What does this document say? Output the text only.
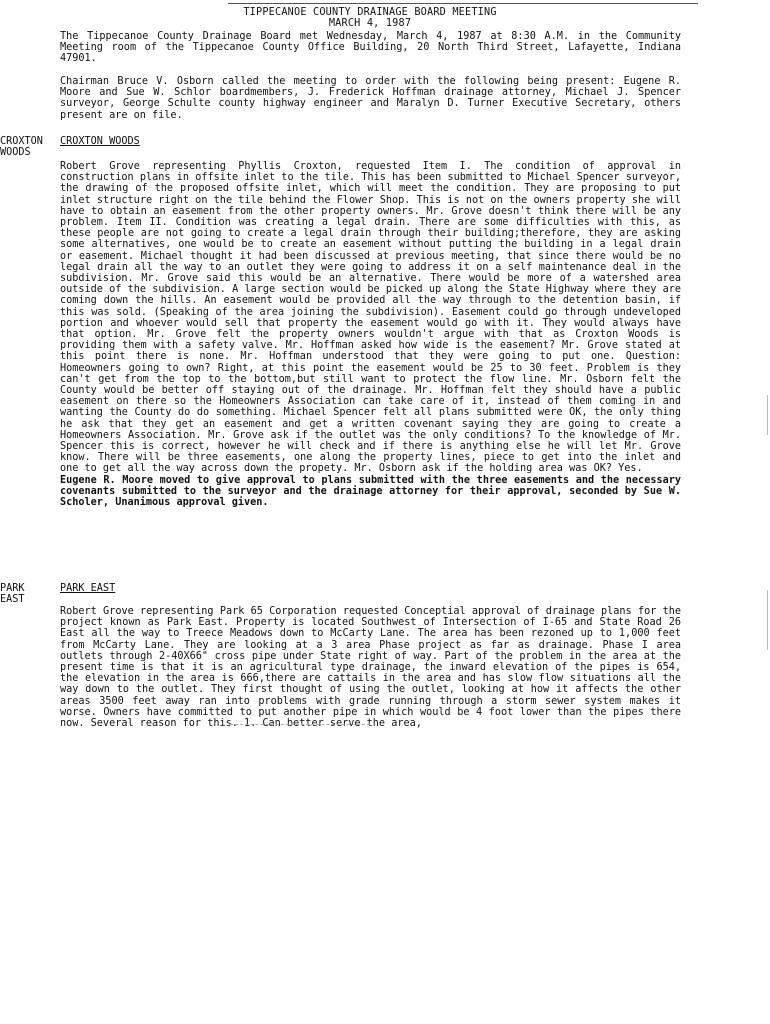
TIPPECANOE COUNTY DRAINAGE BOARD MEETING
MARCH 4, 1987

The Tippecanoe County Drainage Board met Wednesday, March 4, 1987 at 8:30 A.M. in the Community Meeting room of the Tippecanoe County Office Building, 20 North Third Street, Lafayette, Indiana 47901.

Chairman Bruce V. Osborn called the meeting to order with the following being present: Eugene R. Moore and Sue W. Schlor boardmembers, J. Frederick Hoffman drainage attorney, Michael J. Spencer surveyor, George Schulte county highway engineer and Maralyn D. Turner Executive Secretary, others present are on file.

CROXTON
WOODS
CROXTON WOODS

Robert Grove representing Phyllis Croxton, requested Item I. The condition of approval in construction plans in offsite inlet to the tile. This has been submitted to Michael Spencer surveyor, the drawing of the proposed offsite inlet, which will meet the condition. They are proposing to put inlet structure right on the tile behind the Flower Shop. This is not on the owners property she will have to obtain an easement from the other property owners. Mr. Grove doesn't think there will be any problem. Item II. Condition was creating a legal drain. There are some difficulties with this, as these people are not going to create a legal drain through their building;therefore, they are asking some alternatives, one would be to create an easement without putting the building in a legal drain or easement. Michael thought it had been discussed at previous meeting, that since there would be no legal drain all the way to an outlet they were going to address it on a self maintenance deal in the subdivision. Mr. Grove said this would be an alternative. There would be more of a watershed area outside of the subdivision. A large section would be picked up along the State Highway where they are coming down the hills. An easement would be provided all the way through to the detention basin, if this was sold. (Speaking of the area joining the subdivision). Easement could go through undeveloped portion and whoever would sell that property the easement would go with it. They would always have that option. Mr. Grove felt the property owners wouldn't argue with that as Croxton Woods is providing them with a safety valve. Mr. Hoffman asked how wide is the easement? Mr. Grove stated at this point there is none. Mr. Hoffman understood that they were going to put one. Question: Homeowners going to own? Right, at this point the easement would be 25 to 30 feet. Problem is they can't get from the top to the bottom,but still want to protect the flow line. Mr. Osborn felt the County would be better off staying out of the drainage. Mr. Hoffman felt they should have a public easement on there so the Homeowners Association can take care of it, instead of them coming in and wanting the County do do something. Michael Spencer felt all plans submitted were OK, the only thing he ask that they get an easement and get a written covenant saying they are going to create a Homeowners Association. Mr. Grove ask if the outlet was the only conditions? To the knowledge of Mr. Spencer this is correct, however he will check and if there is anything else he will let Mr. Grove know. There will be three easements, one along the property lines, piece to get into the inlet and one to get all the way across down the propety. Mr. Osborn ask if the holding area was OK? Yes.

Eugene R. Moore moved to give approval to plans submitted with the three easements and the necessary covenants submitted to the surveyor and the drainage attorney for their approval, seconded by Sue W. Scholer, Unanimous approval given.

PARK
EAST
PARK EAST

Robert Grove representing Park 65 Corporation requested Conceptial approval of drainage plans for the project known as Park East. Property is located Southwest of Intersection of I-65 and State Road 26 East all the way to Treece Meadows down to McCarty Lane. The area has been rezoned up to 1,000 feet from McCarty Lane. They are looking at a 3 area Phase project as far as drainage. Phase I area outlets through 2-40X66" cross pipe under State right of way. Part of the problem in the area at the present time is that it is an agricultural type drainage, the inward elevation of the pipes is 654, the elevation in the area is 666,there are cattails in the area and has slow flow situations all the way down to the outlet. They first thought of using the outlet, looking at how it affects the other areas 3500 feet away ran into problems with grade running through a storm sewer system makes it worse. Owners have committed to put another pipe in which would be 4 foot lower than the pipes there now. Several reason for this. 1. Can better serve the area,
